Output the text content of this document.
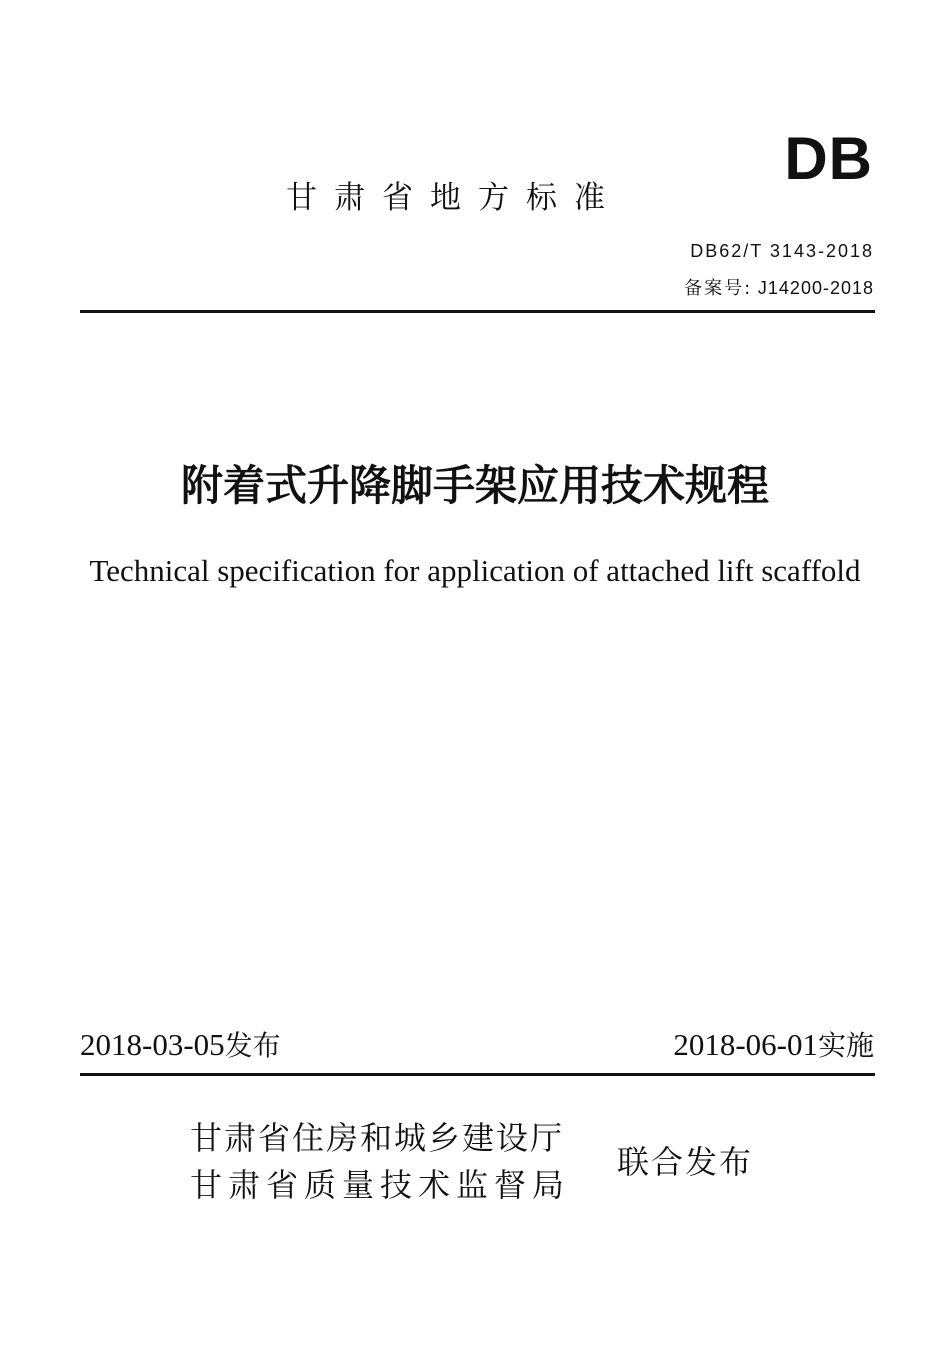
DB
甘肃省地方标准
DB62/T 3143-2018
备案号: J14200-2018
附着式升降脚手架应用技术规程
Technical specification for application of attached lift scaffold
2018-03-05发布	2018-06-01实施
甘肃省住房和城乡建设厅
甘肃省质量技术监督局
联合发布
